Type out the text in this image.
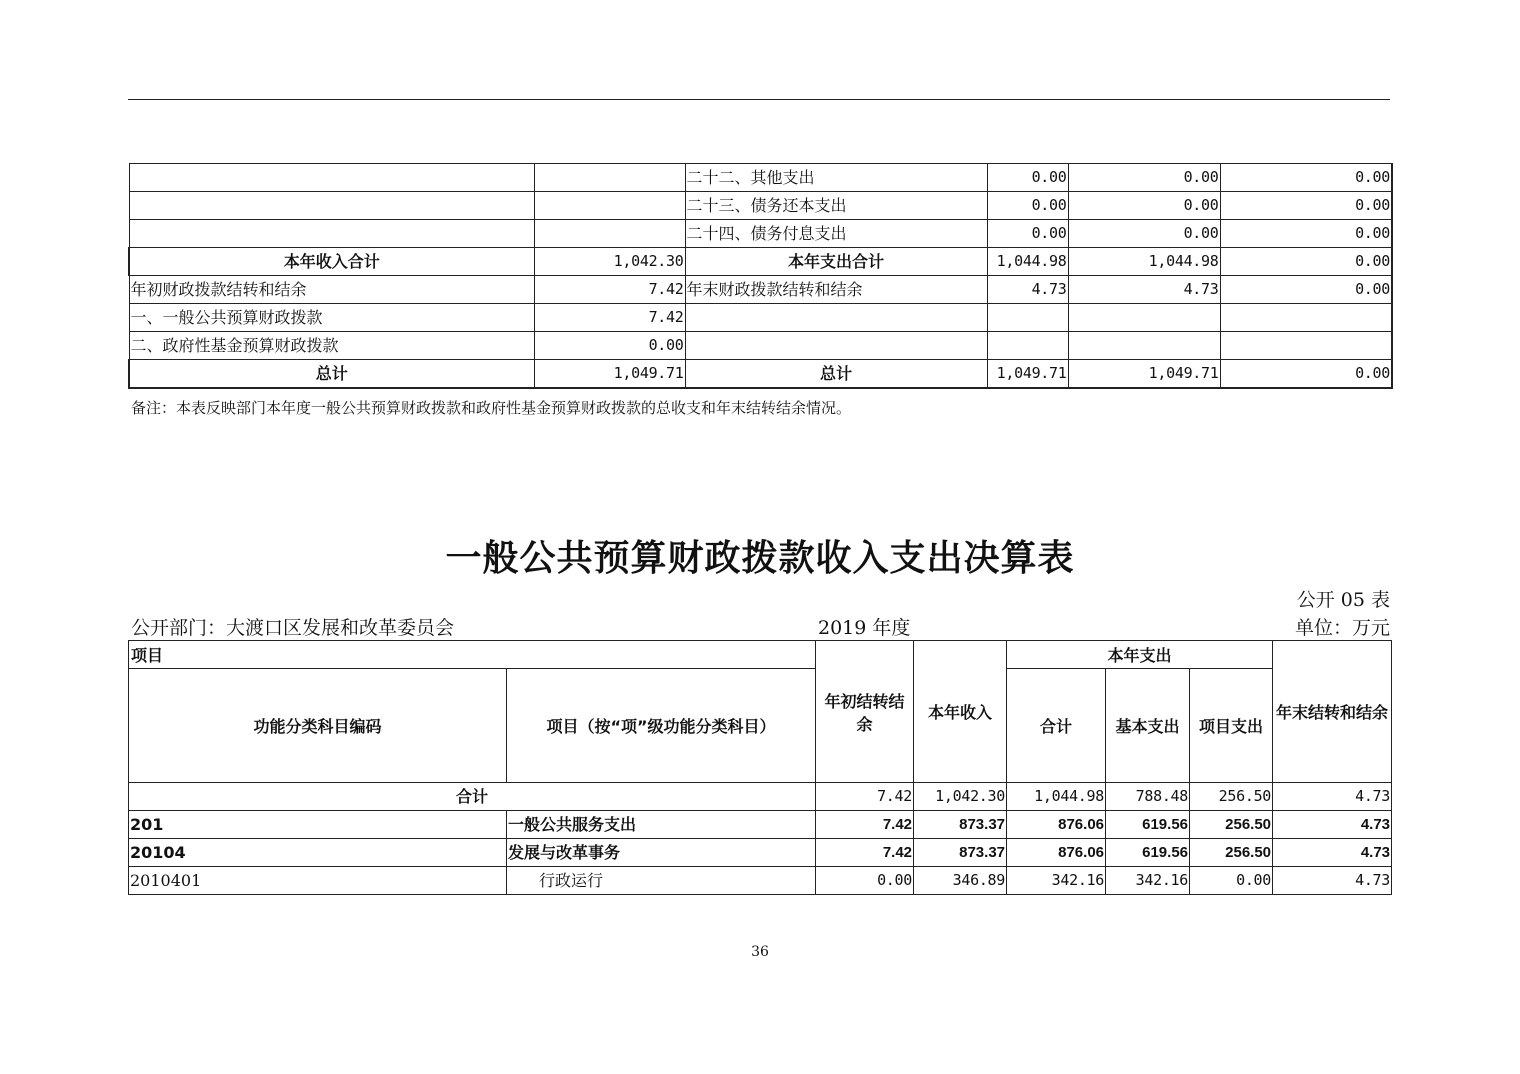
		二十二、其他支出	0.00	0.00	0.00
		二十三、债务还本支出	0.00	0.00	0.00
		二十四、债务付息支出	0.00	0.00	0.00
本年收入合计	1,042.30	本年支出合计	1,044.98	1,044.98	0.00
年初财政拨款结转和结余	7.42	年末财政拨款结转和结余	4.73	4.73	0.00
一、一般公共预算财政拨款	7.42				
二、政府性基金预算财政拨款	0.00				
总计	1,049.71	总计	1,049.71	1,049.71	0.00
备注：本表反映部门本年度一般公共预算财政拨款和政府性基金预算财政拨款的总收支和年末结转结余情况。
一般公共预算财政拨款收入支出决算表
公开 05 表
公开部门：大渡口区发展和改革委员会	2019 年度	单位：万元
项目		年初结转结余	本年收入	本年支出			年末结转和结余
功能分类科目编码	项目（按“项”级功能分类科目）			合计	基本支出	项目支出	
合计		7.42	1,042.30	1,044.98	788.48	256.50	4.73
201	一般公共服务支出	7.42	873.37	876.06	619.56	256.50	4.73
20104	发展与改革事务	7.42	873.37	876.06	619.56	256.50	4.73
2010401	行政运行	0.00	346.89	342.16	342.16	0.00	4.73
36
